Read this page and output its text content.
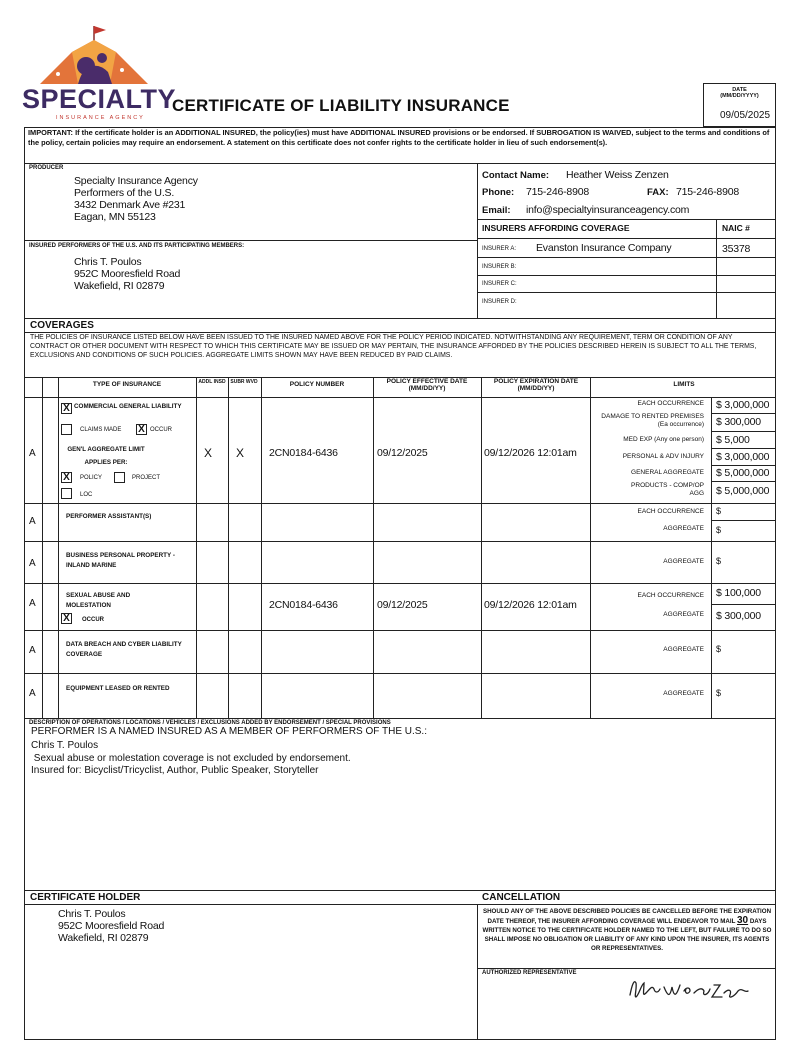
SPECIALTY
INSURANCE AGENCY
CERTIFICATE OF LIABILITY INSURANCE
DATE
(MM/DD/YYYY)
09/05/2025
IMPORTANT: If the certificate holder is an ADDITIONAL INSURED, the policy(ies) must have ADDITIONAL INSURED provisions or be endorsed. If SUBROGATION IS WAIVED, subject to the terms and conditions of the policy, certain policies may require an endorsement. A statement on this certificate does not confer rights to the certificate holder in lieu of such endorsement(s).
PRODUCER
Specialty Insurance Agency
Performers of the U.S.
3432 Denmark Ave #231
Eagan, MN 55123
Contact Name: Heather Weiss Zenzen
Phone: 715-246-8908	FAX: 715-246-8908
Email: info@specialtyinsuranceagency.com
INSURERS AFFORDING COVERAGE	NAIC #
INSURER A: Evanston Insurance Company	35378
INSURER B:
INSURER C:
INSURER D:
INSURED PERFORMERS OF THE U.S. AND ITS PARTICIPATING MEMBERS:
Chris T. Poulos
952C Mooresfield Road
Wakefield, RI 02879
COVERAGES
THE POLICIES OF INSURANCE LISTED BELOW HAVE BEEN ISSUED TO THE INSURED NAMED ABOVE FOR THE POLICY PERIOD INDICATED. NOTWITHSTANDING ANY REQUIREMENT, TERM OR CONDITION OF ANY CONTRACT OR OTHER DOCUMENT WITH RESPECT TO WHICH THIS CERTIFICATE MAY BE ISSUED OR MAY PERTAIN, THE INSURANCE AFFORDED BY THE POLICIES DESCRIBED HEREIN IS SUBJECT TO ALL THE TERMS, EXCLUSIONS AND CONDITIONS OF SUCH POLICIES. AGGREGATE LIMITS SHOWN MAY HAVE BEEN REDUCED BY PAID CLAIMS.
TYPE OF INSURANCE	ADDL INSD SUBR WVD	POLICY NUMBER	POLICY EFFECTIVE DATE (MM/DD/YY)
POLICY EXPIRATION DATE (MM/DD/YY)
LIMITS
A
X COMMERCIAL GENERAL LIABILITY
CLAIMS MADE X OCCUR
GEN'L AGGREGATE LIMIT APPLIES PER:
X	POLICY	PROJECT
LOC
X X 2CN0184-6436	09/12/2025	09/12/2026 12:01am
EACH OCCURRENCE $ 3,000,000
DAMAGE TO RENTED PREMISES (Ea occurrence) $ 300,000
MED EXP (Any one person) $ 5,000
PERSONAL & ADV INJURY $ 3,000,000
GENERAL AGGREGATE $ 5,000,000
PRODUCTS - COMP/OP AGG $ 5,000,000
A	PERFORMER ASSISTANT(S)
EACH OCCURRENCE $
AGGREGATE $
A
BUSINESS PERSONAL PROPERTY - INLAND MARINE
AGGREGATE $
A
SEXUAL ABUSE AND MOLESTATION
X	OCCUR
2CN0184-6436	09/12/2025	09/12/2026 12:01am
EACH OCCURRENCE $ 100,000
AGGREGATE $ 300,000
A
DATA BREACH AND CYBER LIABILITY COVERAGE
AGGREGATE $
A	EQUIPMENT LEASED OR RENTED
AGGREGATE $
DESCRIPTION OF OPERATIONS / LOCATIONS / VEHICLES / EXCLUSIONS ADDED BY ENDORSEMENT / SPECIAL PROVISIONS
PERFORMER IS A NAMED INSURED AS A MEMBER OF PERFORMERS OF THE U.S.:
Chris T. Poulos
Sexual abuse or molestation coverage is not excluded by endorsement.
Insured for: Bicyclist/Tricyclist, Author, Public Speaker, Storyteller
CERTIFICATE HOLDER	CANCELLATION
Chris T. Poulos
952C Mooresfield Road
Wakefield, RI 02879
SHOULD ANY OF THE ABOVE DESCRIBED POLICIES BE CANCELLED BEFORE THE EXPIRATION DATE THEREOF, THE INSURER AFFORDING COVERAGE WILL ENDEAVOR TO MAIL 30 DAYS WRITTEN NOTICE TO THE CERTIFICATE HOLDER NAMED TO THE LEFT, BUT FAILURE TO DO SO SHALL IMPOSE NO OBLIGATION OR LIABILITY OF ANY KIND UPON THE INSURER, ITS AGENTS OR REPRESENTATIVES.
AUTHORIZED REPRESENTATIVE
